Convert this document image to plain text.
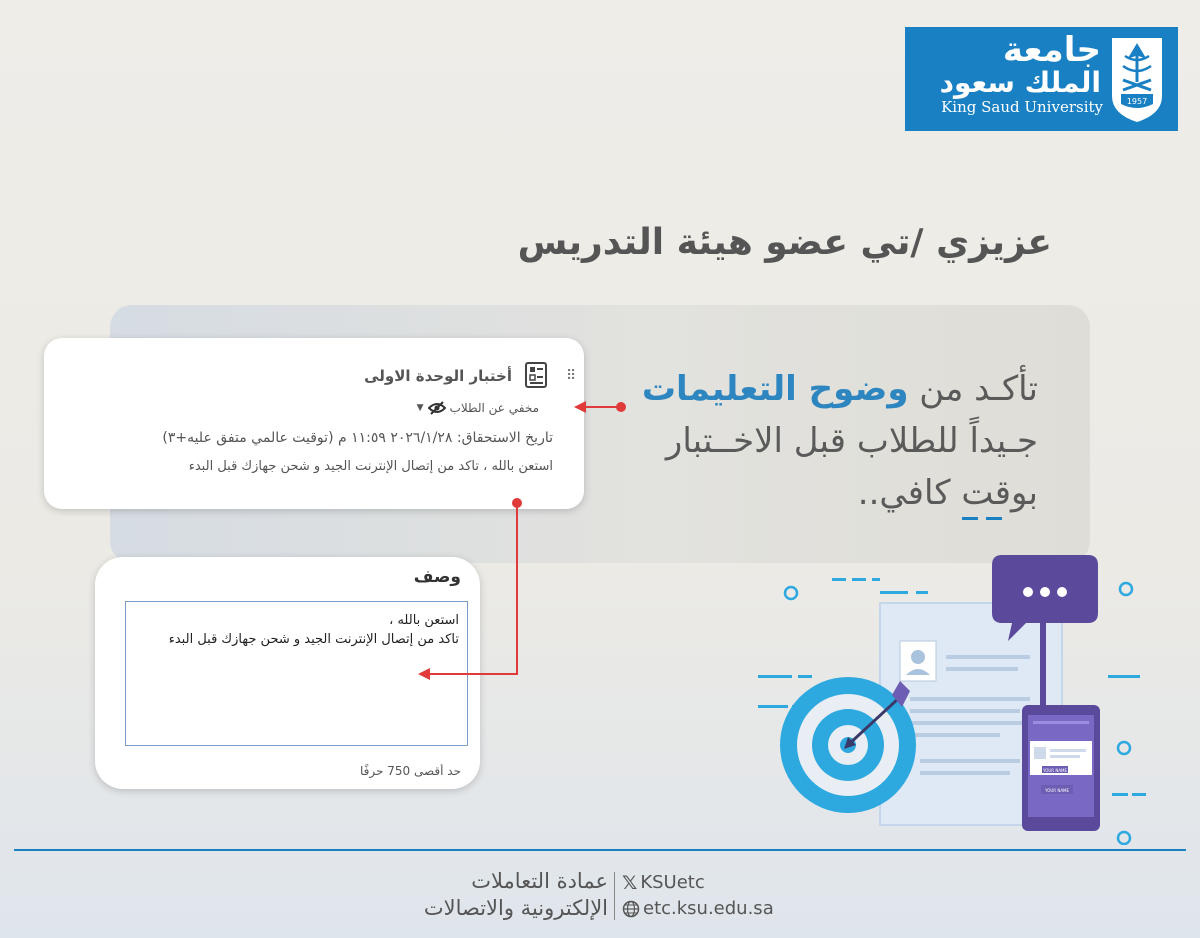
جامعة
الملك سعود
King Saud University	1957
عزيزي /تي عضو هيئة التدريس
تأكـد من وضوح التعليمات جـيداً للطلاب قبل الاخــتبار بوقت كافي..
⠿
أختبار الوحدة الاولى
مخفي عن الطلاب
▼
تاريخ الاستحقاق: ٢٠٢٦/١/٢٨ ١١:٥٩ م (توقيت عالمي متفق عليه+٣)
استعن بالله ، تاكد من إتصال الإنترنت الجيد و شحن جهازك قبل البدء
وصف
استعن بالله ،
تاكد من إتصال الإنترنت الجيد و شحن جهازك قبل البدء
حد أقصى 750 حرفًا	YOUR NAME
YOUR NAME
عمادة التعاملات
الإلكترونية والاتصالات
𝕏 KSUetc
etc.ksu.edu.sa
